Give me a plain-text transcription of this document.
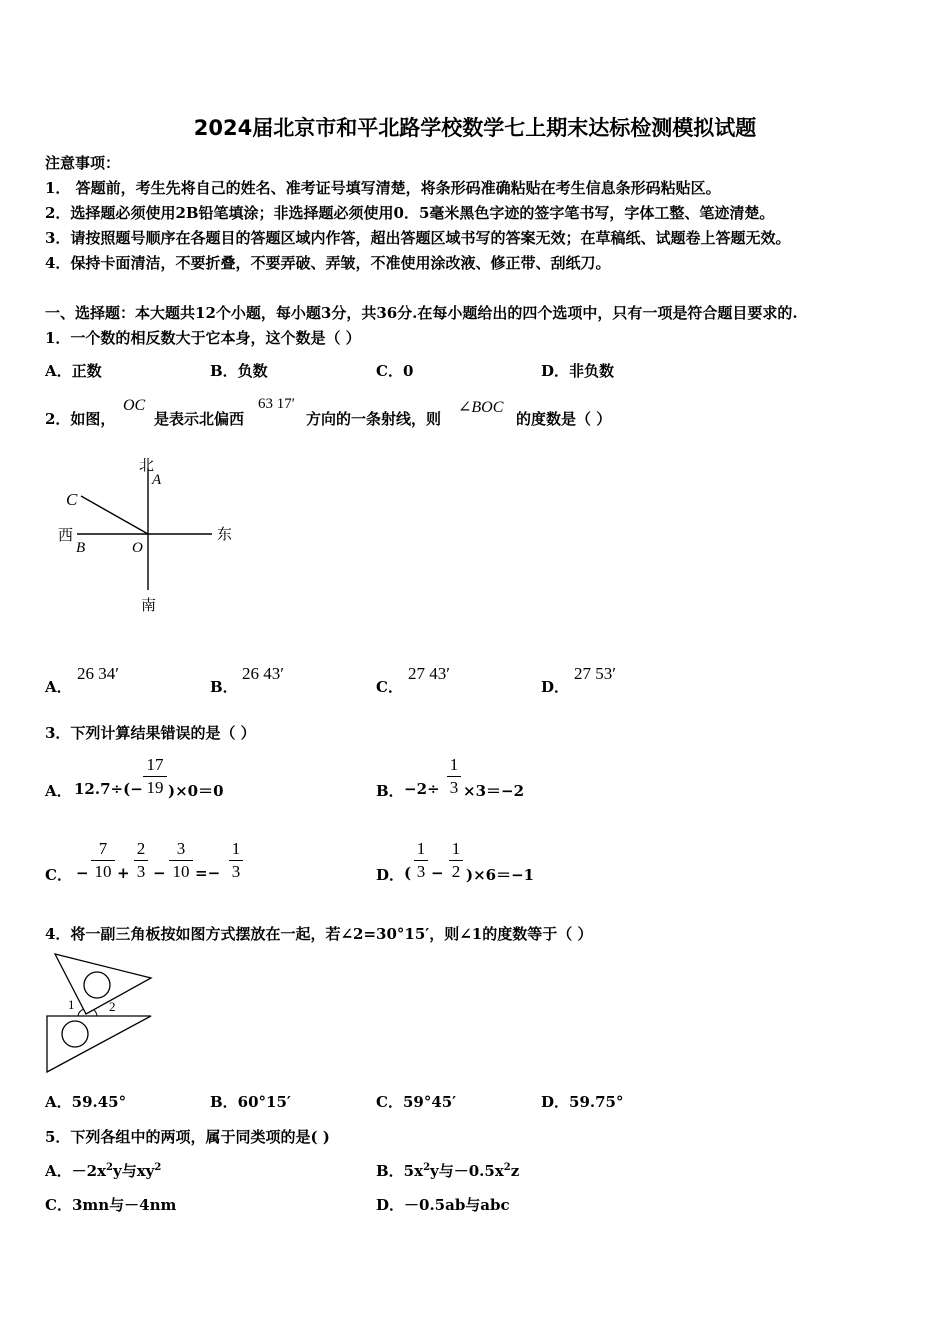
2024届北京市和平北路学校数学七上期末达标检测模拟试题
注意事项：
1． 答题前，考生先将自己的姓名、准考证号填写清楚，将条形码准确粘贴在考生信息条形码粘贴区。
2．选择题必须使用2B铅笔填涂；非选择题必须使用0．5毫米黑色字迹的签字笔书写，字体工整、笔迹清楚。
3．请按照题号顺序在各题目的答题区域内作答，超出答题区域书写的答案无效；在草稿纸、试题卷上答题无效。
4．保持卡面清洁，不要折叠，不要弄破、弄皱，不准使用涂改液、修正带、刮纸刀。
一、选择题：本大题共12个小题，每小题3分，共36分.在每小题给出的四个选项中，只有一项是符合题目要求的.
1．一个数的相反数大于它本身，这个数是（ ）
A．正数	B．负数	C．0	D．非负数
2．如图，
OC
是表示北偏西
63 17′
方向的一条射线，则
∠BOC
的度数是（ ）
北
A
C
西
B	O
东
南
A．
26 34′
B．
26 43′
C．
27 43′
D．
27 53′
3．下列计算结果错误的是（ ）
A． 12.7÷(−
17
19 )×0＝0	B． −2÷
1
3 ×3＝−2
C． −
7
10 +
2
3 −
3
10 =−
1
3	D． (
1
3 −
1
2 )×6＝−1
4．将一副三角板按如图方式摆放在一起，若∠2=30°15′，则∠1的度数等于（ ）
1	2
A．59.45°	B．60°15′	C．59°45′	D．59.75°
5．下列各组中的两项，属于同类项的是( )
A．$-2x^2y$与$xy^2$	B．$5x^2y$与$-0.5x^2z$
C．3mn与－4nm	D．－0.5ab与abc
